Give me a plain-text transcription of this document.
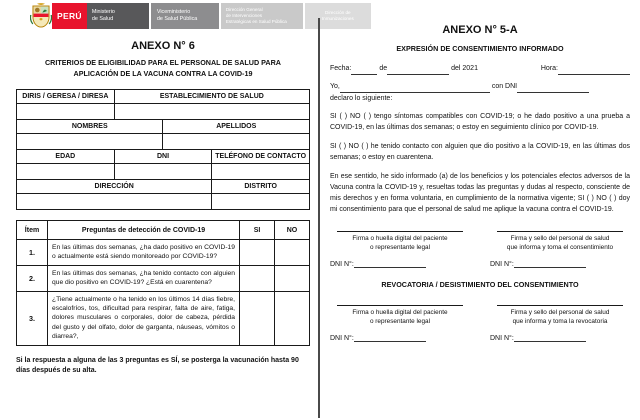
PERÚ Ministerio
de Salud
Viceministerio
de Salud Pública
Dirección General
de Intervenciones
Estratégicas en Salud Pública
Dirección de
Inmunizaciones
ANEXO N° 6
CRITERIOS DE ELIGIBILIDAD PARA EL PERSONAL DE SALUD PARA APLICACIÓN DE LA VACUNA CONTRA LA COVID-19
DIRIS / GERESA / DIRESA	ESTABLECIMIENTO DE SALUD		

NOMBRES		APELLIDOS	

EDAD	DNI		TELÉFONO DE CONTACTO

DIRECCIÓN			DISTRITO

Ítem	Preguntas de detección de COVID-19	SI	NO
1.	En las últimas dos semanas, ¿ha dado positivo en COVID-19 o actualmente está siendo monitoreado por COVID-19?		
2.	En las últimas dos semanas, ¿ha tenido contacto con alguien que dio positivo en COVID-19? ¿Está en cuarentena?		
3.	¿Tiene actualmente o ha tenido en los últimos 14 días fiebre, escalofríos, tos, dificultad para respirar, falta de aire, fatiga, dolores musculares o corporales, dolor de cabeza, pérdida del gusto y del olfato, dolor de garganta, náuseas, vómitos o diarrea?,		
Si la respuesta a alguna de las 3 preguntas es SÍ, se posterga la vacunación hasta 90 días después de su alta.
ANEXO N° 5-A
EXPRESIÓN DE CONSENTIMIENTO INFORMADO
Fecha:	de	del 2021	Hora:
Yo,	con DNI
declaro lo siguiente:
SI ( ) NO ( ) tengo síntomas compatibles con COVID-19; o he dado positivo a una prueba a COVID-19, en las últimas dos semanas; o estoy en seguimiento clínico por COVID-19.
SI ( ) NO ( ) he tenido contacto con alguien que dio positivo a la COVID-19, en las últimas dos semanas; o estoy en cuarentena.
En ese sentido, he sido informado (a) de los beneficios y los potenciales efectos adversos de la Vacuna contra la COVID-19 y, resueltas todas las preguntas y dudas al respecto, consciente de mis derechos y en forma voluntaria, en cumplimiento de la normativa vigente; SI ( ) NO ( ) doy mi consentimiento para que el personal de salud me aplique la vacuna contra el COVID-19.
Firma o huella digital del paciente
o representante legal
DNI N°:
Firma y sello del personal de salud
que informa y toma el consentimiento
DNI N°:
REVOCATORIA / DESISTIMIENTO DEL CONSENTIMIENTO
Firma o huella digital del paciente
o representante legal
DNI N°:
Firma y sello del personal de salud
que informa y toma la revocatoria
DNI N°:
